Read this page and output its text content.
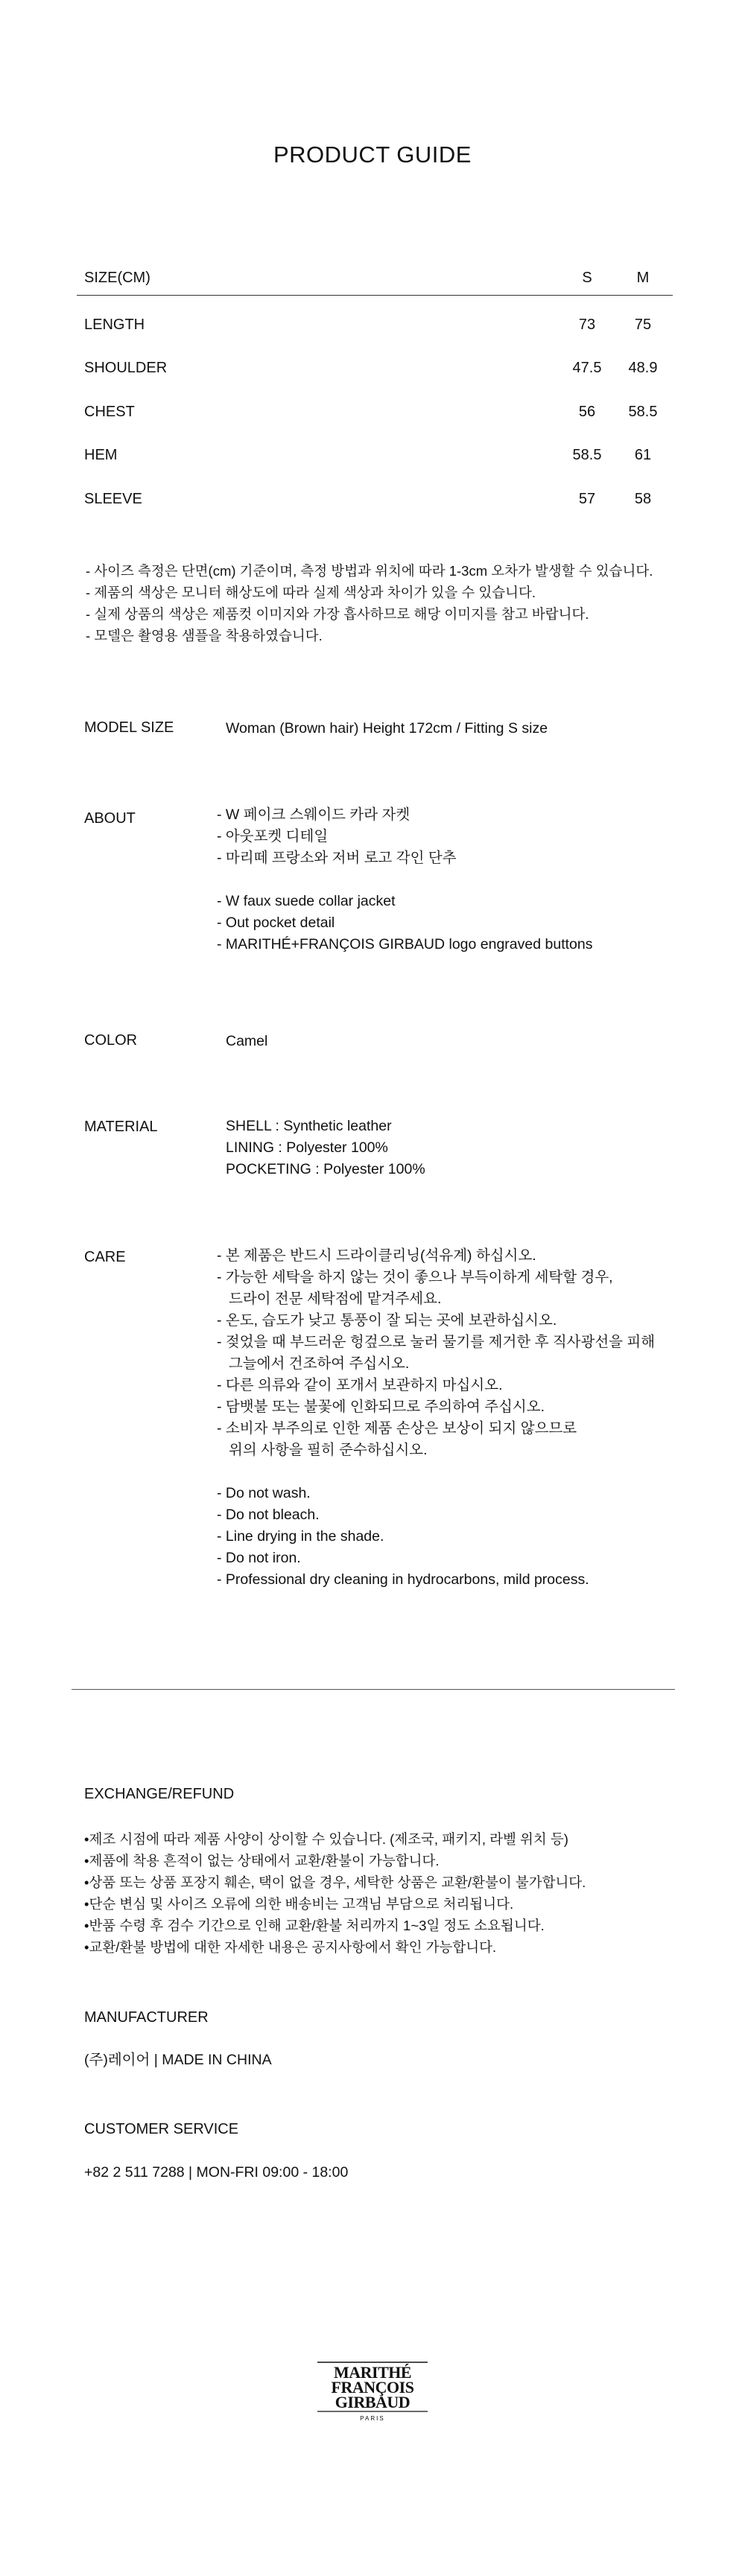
PRODUCT GUIDE
SIZE(CM)	S	M
LENGTH	73	75
SHOULDER	47.5	48.9
CHEST	56	58.5
HEM	58.5	61
SLEEVE	57	58
- 사이즈 측정은 단면(cm) 기준이며, 측정 방법과 위치에 따라 1-3cm 오차가 발생할 수 있습니다.
- 제품의 색상은 모니터 해상도에 따라 실제 색상과 차이가 있을 수 있습니다.
- 실제 상품의 색상은 제품컷 이미지와 가장 흡사하므로 해당 이미지를 참고 바랍니다.
- 모델은 촬영용 샘플을 착용하였습니다.
MODEL SIZE	Woman (Brown hair) Height 172cm / Fitting S size
ABOUT	- W 페이크 스웨이드 카라 자켓
- 아웃포켓 디테일
- 마리떼 프랑소와 저버 로고 각인 단추
- W faux suede collar jacket
- Out pocket detail
- MARITHÉ+FRANÇOIS GIRBAUD logo engraved buttons
COLOR	Camel
MATERIAL	SHELL : Synthetic leather
LINING : Polyester 100%
POCKETING : Polyester 100%
CARE	- 본 제품은 반드시 드라이클리닝(석유계) 하십시오.
- 가능한 세탁을 하지 않는 것이 좋으나 부득이하게 세탁할 경우,
드라이 전문 세탁점에 맡겨주세요.
- 온도, 습도가 낮고 통풍이 잘 되는 곳에 보관하십시오.
- 젖었을 때 부드러운 헝겊으로 눌러 물기를 제거한 후 직사광선을 피해
그늘에서 건조하여 주십시오.
- 다른 의류와 같이 포개서 보관하지 마십시오.
- 담뱃불 또는 불꽃에 인화되므로 주의하여 주십시오.
- 소비자 부주의로 인한 제품 손상은 보상이 되지 않으므로
위의 사항을 필히 준수하십시오.
- Do not wash.
- Do not bleach.
- Line drying in the shade.
- Do not iron.
- Professional dry cleaning in hydrocarbons, mild process.
EXCHANGE/REFUND
•제조 시점에 따라 제품 사양이 상이할 수 있습니다. (제조국, 패키지, 라벨 위치 등)
•제품에 착용 흔적이 없는 상태에서 교환/환불이 가능합니다.
•상품 또는 상품 포장지 훼손, 택이 없을 경우, 세탁한 상품은 교환/환불이 불가합니다.
•단순 변심 및 사이즈 오류에 의한 배송비는 고객님 부담으로 처리됩니다.
•반품 수령 후 검수 기간으로 인해 교환/환불 처리까지 1~3일 정도 소요됩니다.
•교환/환불 방법에 대한 자세한 내용은 공지사항에서 확인 가능합니다.
MANUFACTURER
(주)레이어 | MADE IN CHINA
CUSTOMER SERVICE
+82 2 511 7288 | MON-FRI 09:00 - 18:00
MARITHÉ
FRANÇOIS
GIRBAUD
PARIS
